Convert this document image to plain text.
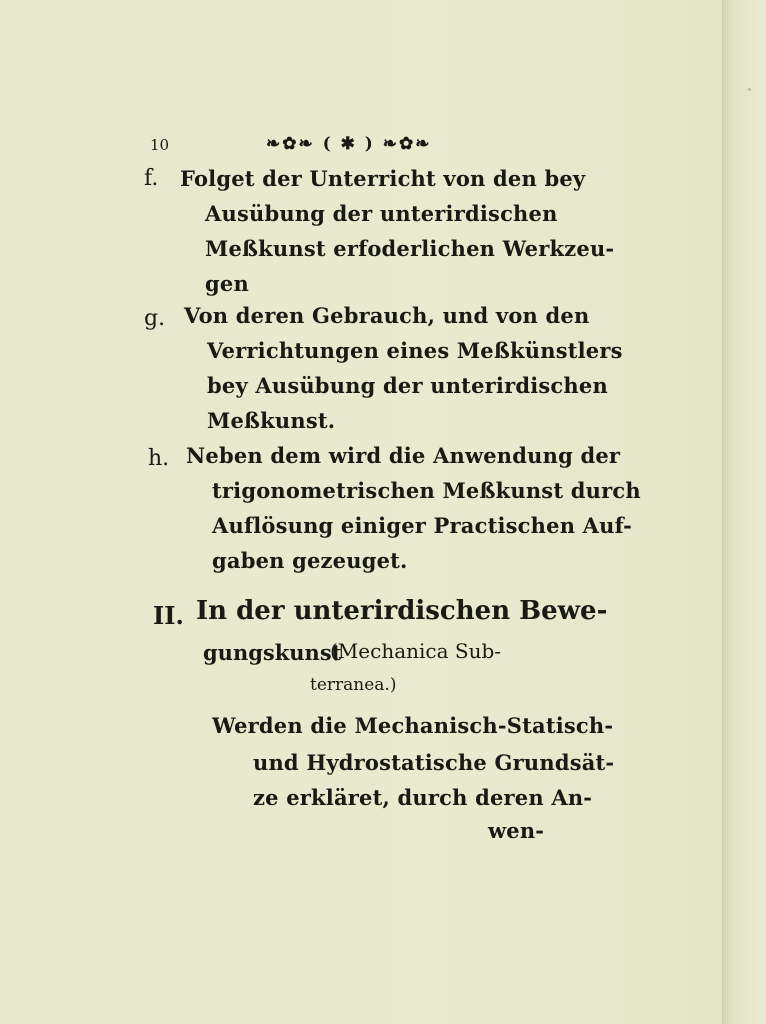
10	❧✿❧ ( ✱ ) ❧✿❧
f. Folget der Unterricht von den bey
Ausübung der unterirdischen
Meßkunst erfoderlichen Werkzeu-
gen
g. Von deren Gebrauch, und von den
Verrichtungen eines Meßkünstlers
bey Ausübung der unterirdischen
Meßkunst.
h. Neben dem wird die Anwendung der
trigonometrischen Meßkunst durch
Auflösung einiger Practischen Auf-
gaben gezeuget.
II. In der unterirdischen Bewe-
gungskunst
(Mechanica Sub-
terranea.)
Werden die Mechanisch-Statisch-
und Hydrostatische Grundsät-
ze erkläret, durch deren An-
wen-
